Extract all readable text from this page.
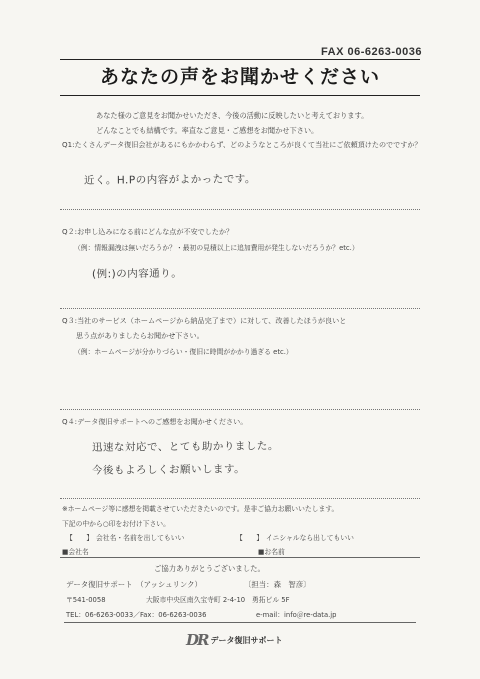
FAX 06-6263-0036
あなたの声をお聞かせください
あなた様のご意見をお聞かせいただき、今後の活動に反映したいと考えております。
どんなことでも結構です。率直なご意見・ご感想をお聞かせ下さい。
Q1:たくさんデータ復旧会社があるにもかかわらず、どのようなところが良くて当社にご依頼頂けたのでですか？
近く。H.Pの内容がよかったです。
Q２:お申し込みになる前にどんな点が不安でしたか？
（例：情報漏洩は無いだろうか？・最初の見積以上に追加費用が発生しないだろうか？etc.）
(例:)の内容通り。
Q３:当社のサービス（ホームページから納品完了まで）に対して、改善したほうが良いと
思う点がありましたらお聞かせ下さい。
（例：ホームページが分かりづらい・復旧に時間がかかり過ぎる etc.）
Q４:データ復旧サポートへのご感想をお聞かせください。
迅速な対応で、とても助かりました。
今後もよろしくお願いします。
※ホームページ等に感想を掲載させていただきたいのです。是非ご協力お願いいたします。
下記の中から○印をお付け下さい。
【　　】 会社名・名前を出してもいい	【　　】 イニシャルなら出してもいい
■会社名	■お名前
ご協力ありがとうございました。
データ復旧サポート　（アッシュリンク）	〔担当：森　智彦〕
〒541-0058	大阪市中央区南久宝寺町 2-4-10　勇拓ビル 5F
TEL：06-6263-0033／Fax：06-6263-0036	e-mail：info＠re-data.jp
DR データ復旧サポート
